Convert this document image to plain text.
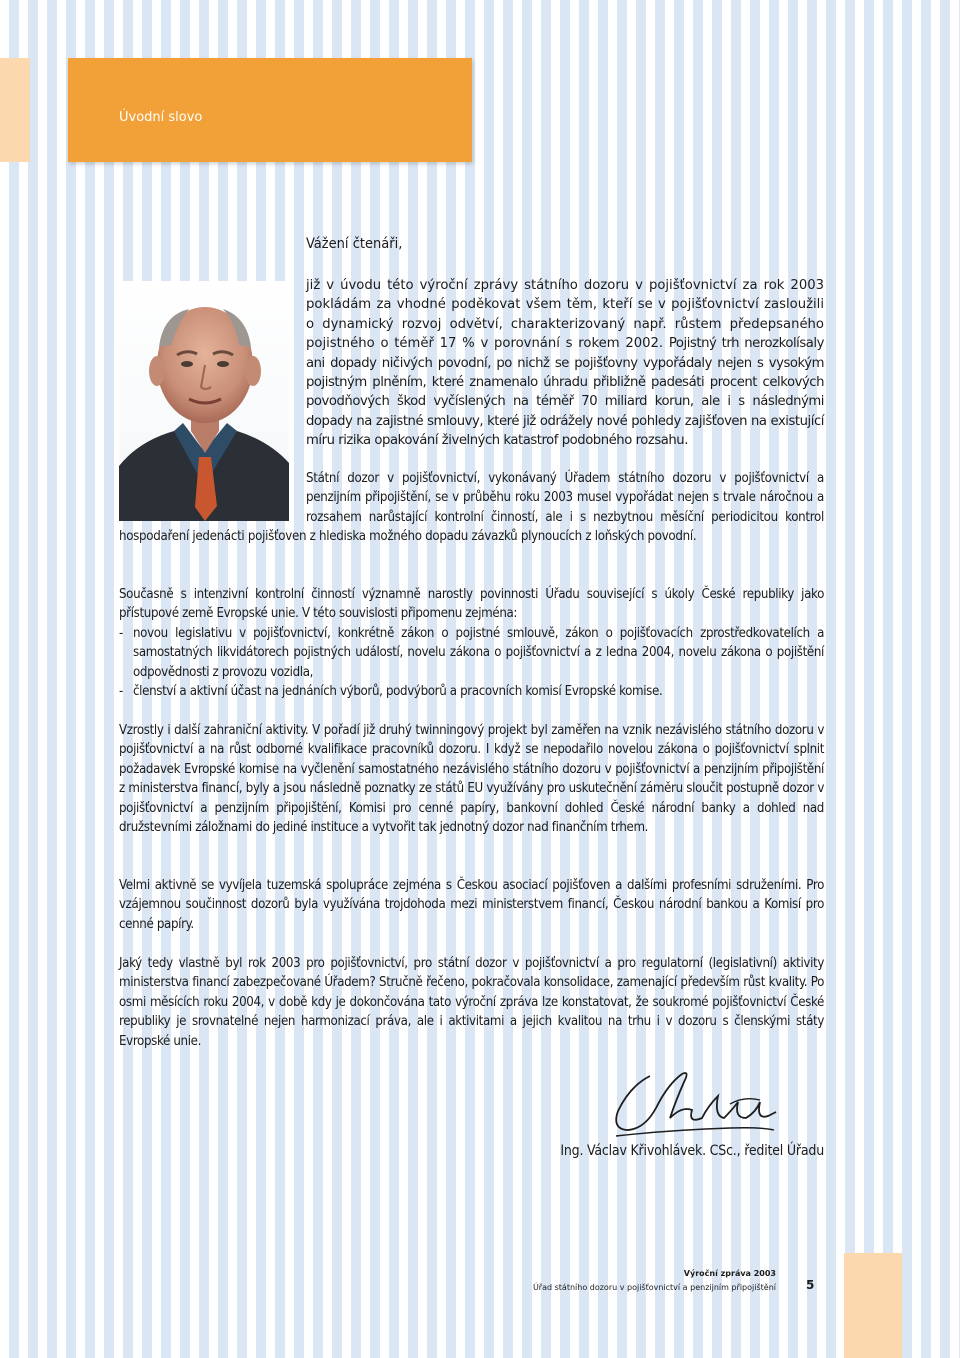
Úvodní slovo
Vážení čtenáři,

již v úvodu této výroční zprávy státního dozoru v pojišťovnictví za rok 2003 pokládám za vhodné poděkovat všem těm, kteří se v pojišťovnictví zasloužili o dynamický rozvoj odvětví, charakterizovaný např. růstem předepsaného pojistného o téměř 17 % v porovnání s rokem 2002. Pojistný trh nerozkolísaly ani dopady ničivých povodní, po nichž se pojišťovny vypořádaly nejen s vysokým pojistným plněním, které znamenalo úhradu přibližně padesáti procent celkových povodňových škod vyčíslených na téměř 70 miliard korun, ale i s následnými dopady na zajistné smlouvy, které již odrážely nové pohledy zajišťoven na existující míru rizika opakování živelných katastrof podobného rozsahu.

Státní dozor v pojišťovnictví, vykonávaný Úřadem státního dozoru v pojišťovnictví a penzijním připojištění, se v průběhu roku 2003 musel vypořádat nejen s trvale náročnou a rozsahem narůstající kontrolní činností, ale i s nezbytnou měsíční periodicitou kontrol hospodaření jedenácti pojišťoven z hlediska možného dopadu závazků plynoucích z loňských povodní.

Současně s intenzivní kontrolní činností významně narostly povinnosti Úřadu související s úkoly České republiky jako přístupové země Evropské unie. V této souvislosti připomenu zejména:

- novou legislativu v pojišťovnictví, konkrétně zákon o pojistné smlouvě, zákon o pojišťovacích zprostředkovatelích a samostatných likvidátorech pojistných událostí, novelu zákona o pojišťovnictví a z ledna 2004, novelu zákona o pojištění odpovědnosti z provozu vozidla,
- členství a aktivní účast na jednáních výborů, podvýborů a pracovních komisí Evropské komise.

Vzrostly i další zahraniční aktivity. V pořadí již druhý twinningový projekt byl zaměřen na vznik nezávislého státního dozoru v pojišťovnictví a na růst odborné kvalifikace pracovníků dozoru. I když se nepodařilo novelou zákona o pojišťovnictví splnit požadavek Evropské komise na vyčlenění samostatného nezávislého státního dozoru v pojišťovnictví a penzijním připojištění z ministerstva financí, byly a jsou následně poznatky ze států EU využívány pro uskutečnění záměru sloučit postupně dozor v pojišťovnictví a penzijním připojištění, Komisi pro cenné papíry, bankovní dohled České národní banky a dohled nad družstevními záložnami do jediné instituce a vytvořit tak jednotný dozor nad finančním trhem.

Velmi aktivně se vyvíjela tuzemská spolupráce zejména s Českou asociací pojišťoven a dalšími profesními sdruženími. Pro vzájemnou součinnost dozorů byla využívána trojdohoda mezi ministerstvem financí, Českou národní bankou a Komisí pro cenné papíry.

Jaký tedy vlastně byl rok 2003 pro pojišťovnictví, pro státní dozor v pojišťovnictví a pro regulatorní (legislativní) aktivity ministerstva financí zabezpečované Úřadem? Stručně řečeno, pokračovala konsolidace, zamenající především růst kvality. Po osmi měsících roku 2004, v době kdy je dokončována tato výroční zpráva lze konstatovat, že soukromé pojišťovnictví České republiky je srovnatelné nejen harmonizací práva, ale i aktivitami a jejich kvalitou na trhu i v dozoru s členskými státy Evropské unie.

Ing. Václav Křivohlávek. CSc., ředitel Úřadu
Výroční zpráva 2003
Úřad státního dozoru v pojišťovnictví a penzijním připojištění	5
